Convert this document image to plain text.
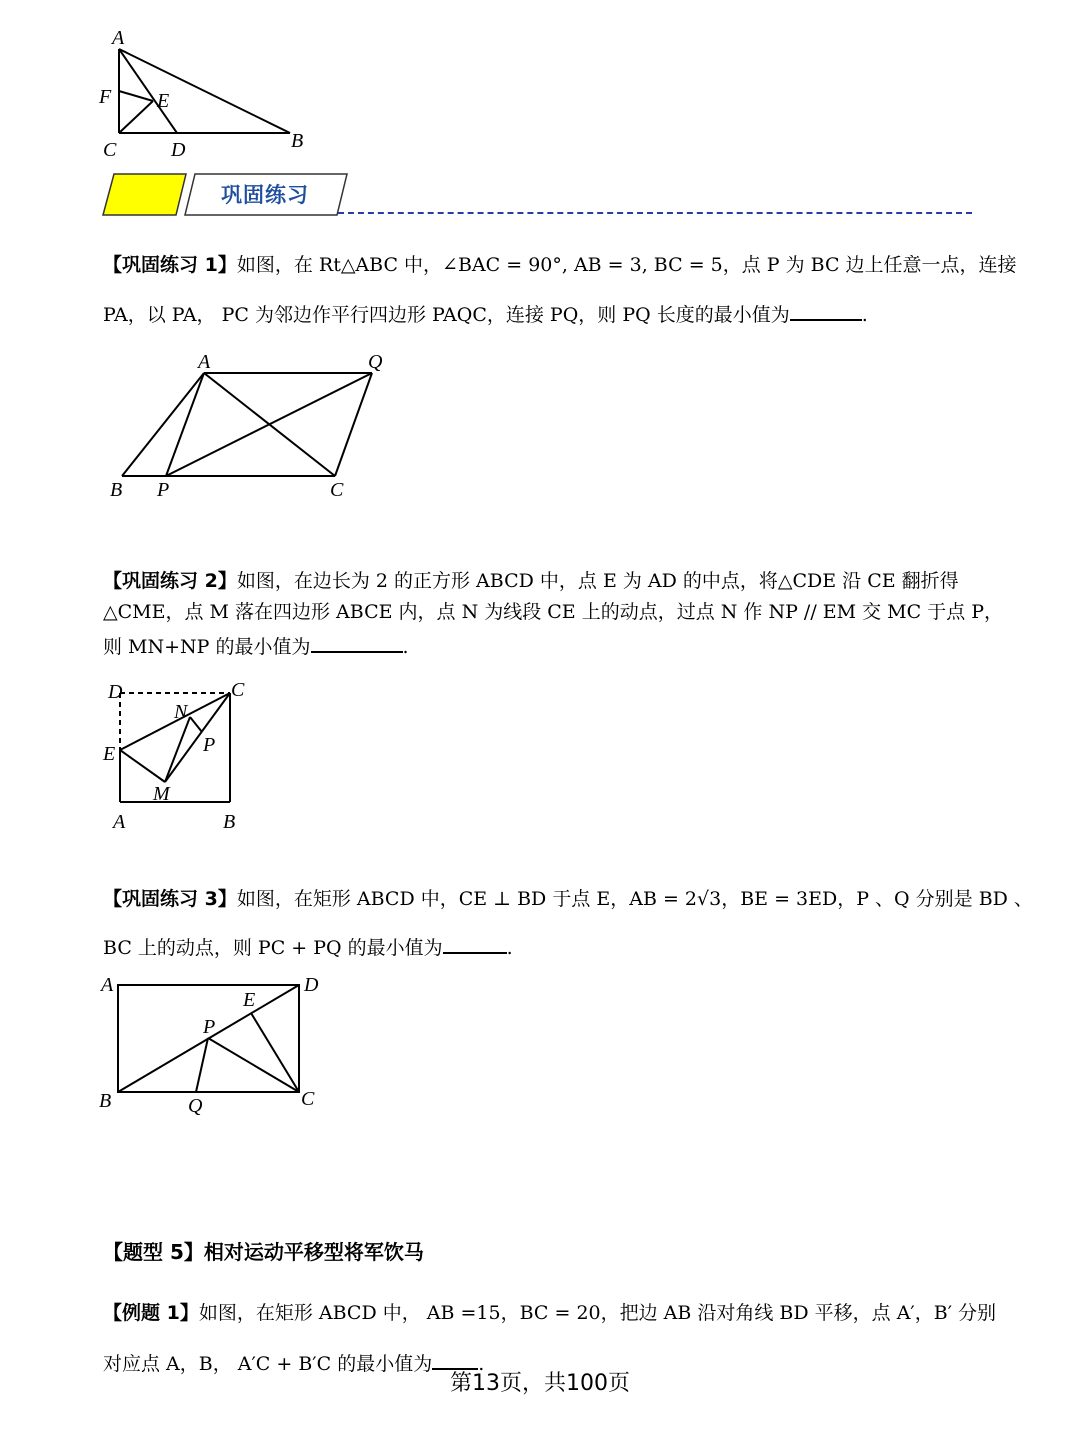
A
F E
C	D	B
巩固练习
【巩固练习 1】如图，在 Rt△ABC 中，∠BAC = 90°, AB = 3, BC = 5，点 P 为 BC 边上任意一点，连接
PA，以 PA， PC 为邻边作平行四边形 PAQC，连接 PQ，则 PQ 长度的最小值为	.
A	Q
B P	C
【巩固练习 2】如图，在边长为 2 的正方形 ABCD 中，点 E 为 AD 的中点，将△CDE 沿 CE 翻折得
△CME，点 M 落在四边形 ABCE 内，点 N 为线段 CE 上的动点，过点 N 作 NP // EM 交 MC 于点 P，
则 MN+NP 的最小值为	.
D	C
N
P
E
M
A	B
【巩固练习 3】如图，在矩形 ABCD 中，CE ⊥ BD 于点 E，AB = 2√3，BE = 3ED，P 、Q 分别是 BD 、
BC 上的动点，则 PC + PQ 的最小值为	.
A	D
E
P
B	Q	C
【题型 5】相对运动平移型将军饮马
【例题 1】如图，在矩形 ABCD 中， AB =15，BC = 20，把边 AB 沿对角线 BD 平移，点 A′，B′ 分别
对应点 A，B， A′C + B′C 的最小值为 .
第13页，共100页
